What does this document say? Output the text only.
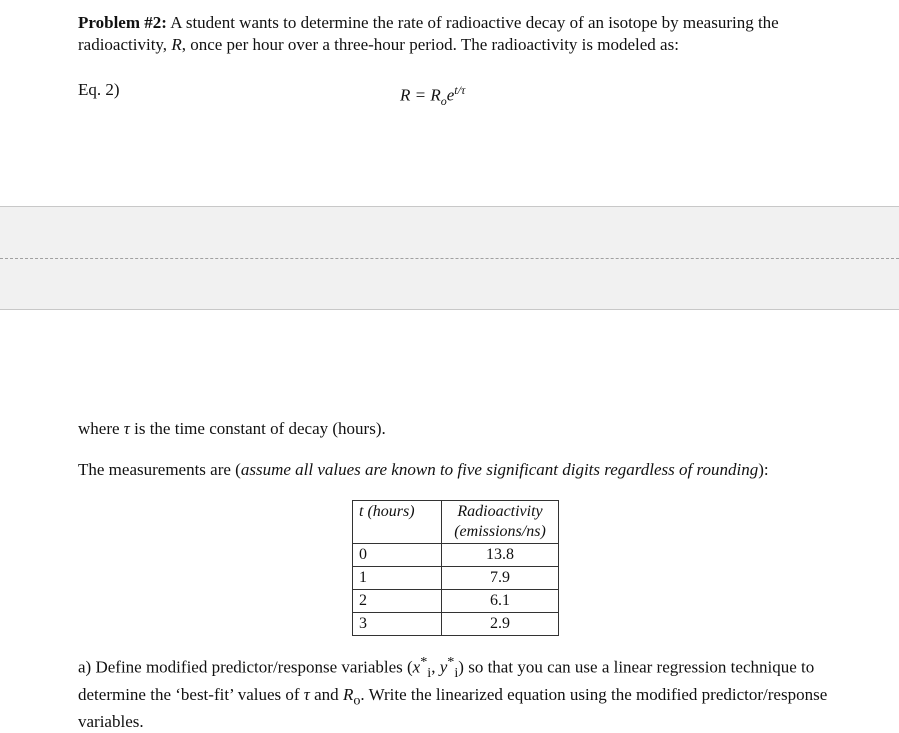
Problem #2: A student wants to determine the rate of radioactive decay of an isotope by measuring the radioactivity, R, once per hour over a three-hour period. The radioactivity is modeled as:
Eq. 2)	$R = R_oe^{t/\tau}$
where τ is the time constant of decay (hours).
The measurements are (assume all values are known to five significant digits regardless of rounding):
t (hours)	Radioactivity
(emissions/ns)
0	13.8
1	7.9
2	6.1
3	2.9
a) Define modified predictor/response variables ($x^*_i$, $y^*_i$) so that you can use a linear regression technique to determine the ‘best-fit’ values of τ and $R_o$. Write the linearized equation using the modified predictor/response variables.
